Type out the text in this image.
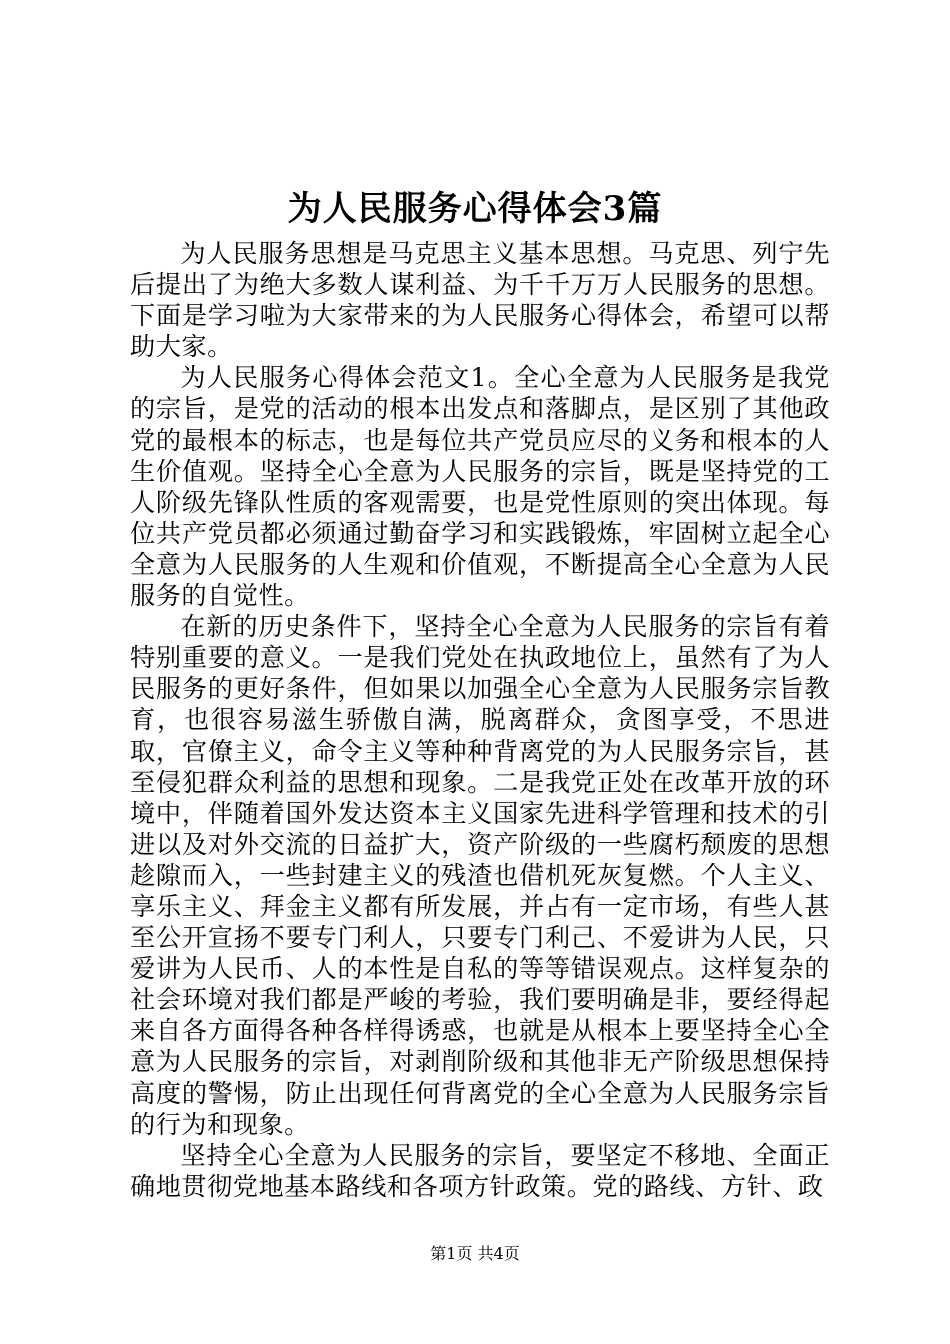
为人民服务心得体会3篇

为人民服务思想是马克思主义基本思想。马克思、列宁先后提出了为绝大多数人谋利益、为千千万万人民服务的思想。下面是学习啦为大家带来的为人民服务心得体会，希望可以帮助大家。

为人民服务心得体会范文1。全心全意为人民服务是我党的宗旨，是党的活动的根本出发点和落脚点，是区别了其他政党的最根本的标志，也是每位共产党员应尽的义务和根本的人生价值观。坚持全心全意为人民服务的宗旨，既是坚持党的工人阶级先锋队性质的客观需要，也是党性原则的突出体现。每位共产党员都必须通过勤奋学习和实践锻炼，牢固树立起全心全意为人民服务的人生观和价值观，不断提高全心全意为人民服务的自觉性。

在新的历史条件下，坚持全心全意为人民服务的宗旨有着特别重要的意义。一是我们党处在执政地位上，虽然有了为人民服务的更好条件，但如果以加强全心全意为人民服务宗旨教育，也很容易滋生骄傲自满，脱离群众，贪图享受，不思进取，官僚主义，命令主义等种种背离党的为人民服务宗旨，甚至侵犯群众利益的思想和现象。二是我党正处在改革开放的环境中，伴随着国外发达资本主义国家先进科学管理和技术的引进以及对外交流的日益扩大，资产阶级的一些腐朽颓废的思想趁隙而入，一些封建主义的残渣也借机死灰复燃。个人主义、享乐主义、拜金主义都有所发展，并占有一定市场，有些人甚至公开宣扬不要专门利人，只要专门利己、不爱讲为人民，只爱讲为人民币、人的本性是自私的等等错误观点。这样复杂的社会环境对我们都是严峻的考验，我们要明确是非，要经得起来自各方面得各种各样得诱惑，也就是从根本上要坚持全心全意为人民服务的宗旨，对剥削阶级和其他非无产阶级思想保持高度的警惕，防止出现任何背离党的全心全意为人民服务宗旨的行为和现象。

坚持全心全意为人民服务的宗旨，要坚定不移地、全面正确地贯彻党地基本路线和各项方针政策。党的路线、方针、政

第1页 共4页
